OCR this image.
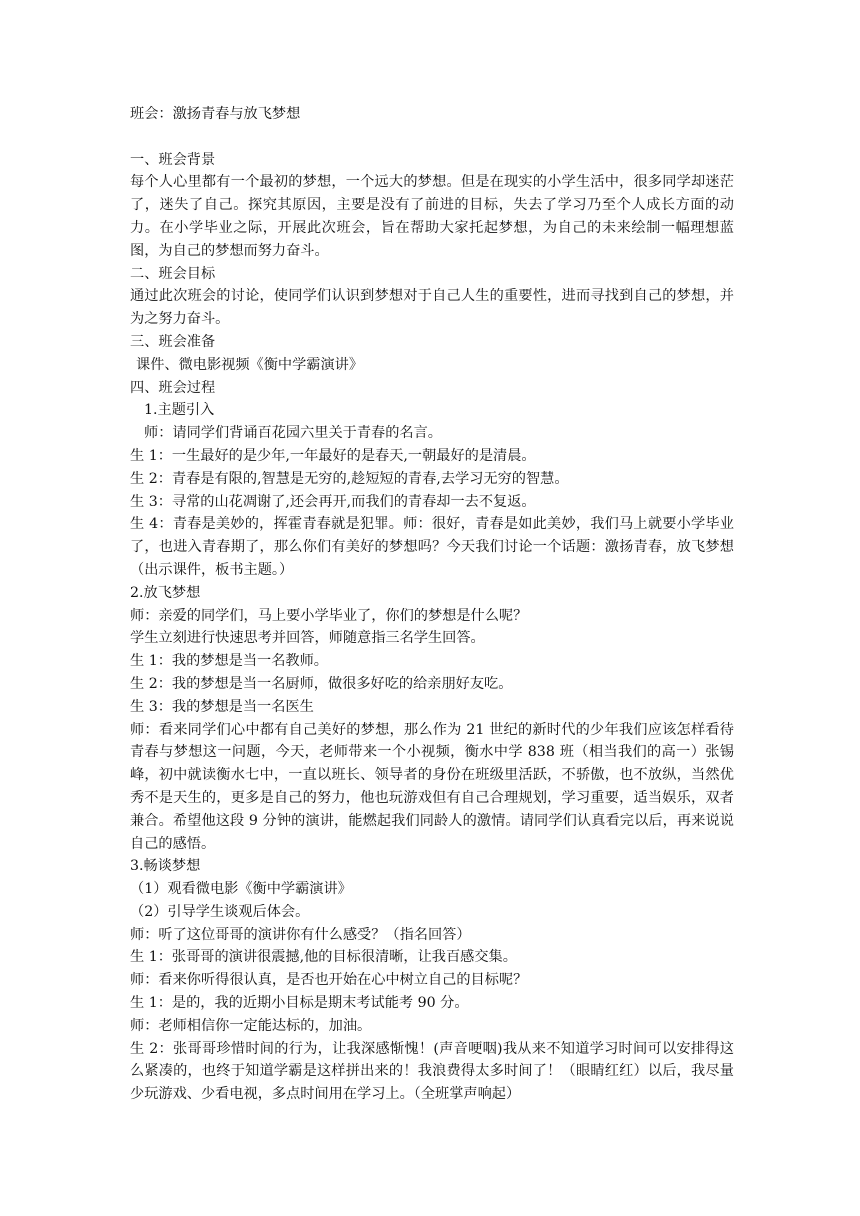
班会：激扬青春与放飞梦想

一、班会背景

每个人心里都有一个最初的梦想，一个远大的梦想。但是在现实的小学生活中，很多同学却迷茫了，迷失了自己。探究其原因，主要是没有了前进的目标，失去了学习乃至个人成长方面的动力。在小学毕业之际，开展此次班会，旨在帮助大家托起梦想，为自己的未来绘制一幅理想蓝图，为自己的梦想而努力奋斗。

二、班会目标

通过此次班会的讨论，使同学们认识到梦想对于自己人生的重要性，进而寻找到自己的梦想，并为之努力奋斗。

三、班会准备

课件、微电影视频《衡中学霸演讲》

四、班会过程

1.主题引入

师：请同学们背诵百花园六里关于青春的名言。

生 1：一生最好的是少年,一年最好的是春天,一朝最好的是清晨。

生 2：青春是有限的,智慧是无穷的,趁短短的青春,去学习无穷的智慧。

生 3：寻常的山花凋谢了,还会再开,而我们的青春却一去不复返。

生 4：青春是美妙的，挥霍青春就是犯罪。师：很好，青春是如此美妙，我们马上就要小学毕业了，也进入青春期了，那么你们有美好的梦想吗？今天我们讨论一个话题：激扬青春，放飞梦想（出示课件，板书主题。）

2.放飞梦想

师：亲爱的同学们，马上要小学毕业了，你们的梦想是什么呢？

学生立刻进行快速思考并回答，师随意指三名学生回答。

生 1：我的梦想是当一名教师。

生 2：我的梦想是当一名厨师，做很多好吃的给亲朋好友吃。

生 3：我的梦想是当一名医生

师：看来同学们心中都有自己美好的梦想，那么作为 21 世纪的新时代的少年我们应该怎样看待青春与梦想这一问题，今天，老师带来一个小视频，衡水中学 838 班（相当我们的高一）张锡峰，初中就读衡水七中，一直以班长、领导者的身份在班级里活跃，不骄傲，也不放纵，当然优秀不是天生的，更多是自己的努力，他也玩游戏但有自己合理规划，学习重要，适当娱乐，双者兼合。希望他这段 9 分钟的演讲，能燃起我们同龄人的激情。请同学们认真看完以后，再来说说自己的感悟。

3.畅谈梦想

（1）观看微电影《衡中学霸演讲》

（2）引导学生谈观后体会。

师：听了这位哥哥的演讲你有什么感受？（指名回答）

生 1：张哥哥的演讲很震撼,他的目标很清晰，让我百感交集。

师：看来你听得很认真，是否也开始在心中树立自己的目标呢？

生 1：是的，我的近期小目标是期末考试能考 90 分。

师：老师相信你一定能达标的，加油。

生 2：张哥哥珍惜时间的行为，让我深感惭愧！(声音哽咽)我从来不知道学习时间可以安排得这么紧凑的，也终于知道学霸是这样拼出来的！我浪费得太多时间了！（眼睛红红）以后，我尽量少玩游戏、少看电视，多点时间用在学习上。（全班掌声响起）
